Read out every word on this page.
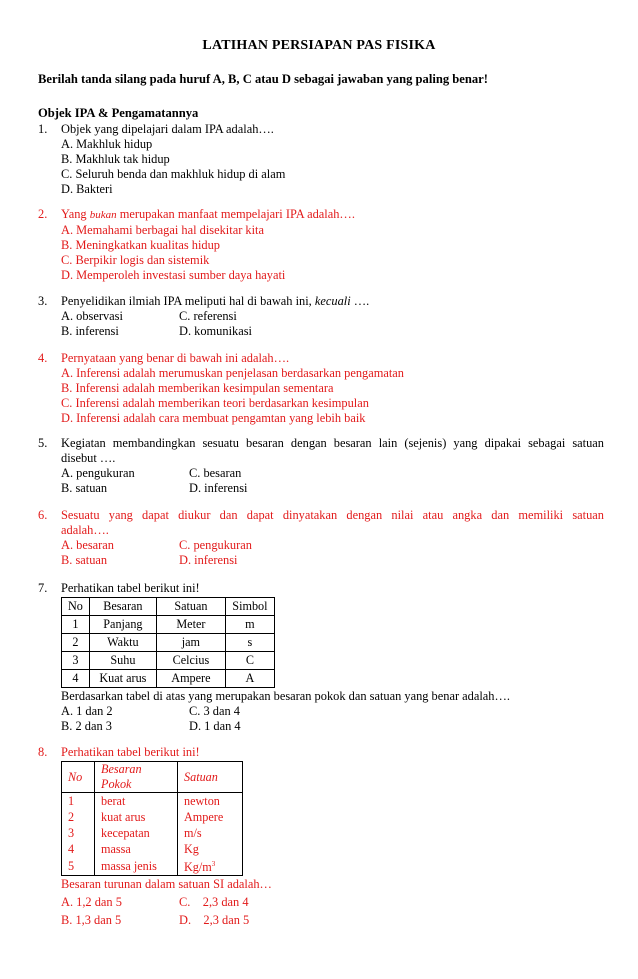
LATIHAN PERSIAPAN PAS FISIKA
Berilah tanda silang pada huruf A, B, C atau D sebagai jawaban yang paling benar!
Objek IPA & Pengamatannya
1.	Objek yang dipelajari dalam IPA adalah….
A. Makhluk hidup
B. Makhluk tak hidup
C. Seluruh benda dan makhluk hidup di alam
D. Bakteri
2.	Yang bukan merupakan manfaat mempelajari IPA adalah….
A. Memahami berbagai hal disekitar kita
B. Meningkatkan kualitas hidup
C. Berpikir logis dan sistemik
D. Memperoleh investasi sumber daya hayati
3.	Penyelidikan ilmiah IPA meliputi hal di bawah ini, kecuali ….
A. observasi	C. referensi
B. inferensi	D. komunikasi
4.	Pernyataan yang benar di bawah ini adalah….
A. Inferensi adalah merumuskan penjelasan berdasarkan pengamatan
B. Inferensi adalah memberikan kesimpulan sementara
C. Inferensi adalah memberikan teori berdasarkan kesimpulan
D. Inferensi adalah cara membuat pengamtan yang lebih baik
5.	Kegiatan membandingkan sesuatu besaran dengan besaran lain (sejenis) yang dipakai sebagai satuan
disebut ….
A. pengukuran	C. besaran
B. satuan	D. inferensi
6.	Sesuatu yang dapat diukur dan dapat dinyatakan dengan nilai atau angka dan memiliki satuan
adalah….
A. besaran	C. pengukuran
B. satuan	D. inferensi
7.	Perhatikan tabel berikut ini!
No	Besaran	Satuan	Simbol
1	Panjang	Meter	m
2	Waktu	jam	s
3	Suhu	Celcius	C
4	Kuat arus	Ampere	A
Berdasarkan tabel di atas yang merupakan besaran pokok dan satuan yang benar adalah….
A. 1 dan 2	C. 3 dan 4
B. 2 dan 3	D. 1 dan 4
8.	Perhatikan tabel berikut ini!
No	Besaran Pokok	Satuan
1	berat	newton
2	kuat arus	Ampere
3	kecepatan	m/s
4	massa	Kg
5	massa jenis	$Kg/m^3$
Besaran turunan dalam satuan SI adalah…
A. 1,2 dan 5	C.    2,3 dan 4
B. 1,3 dan 5	D.    2,3 dan 5
